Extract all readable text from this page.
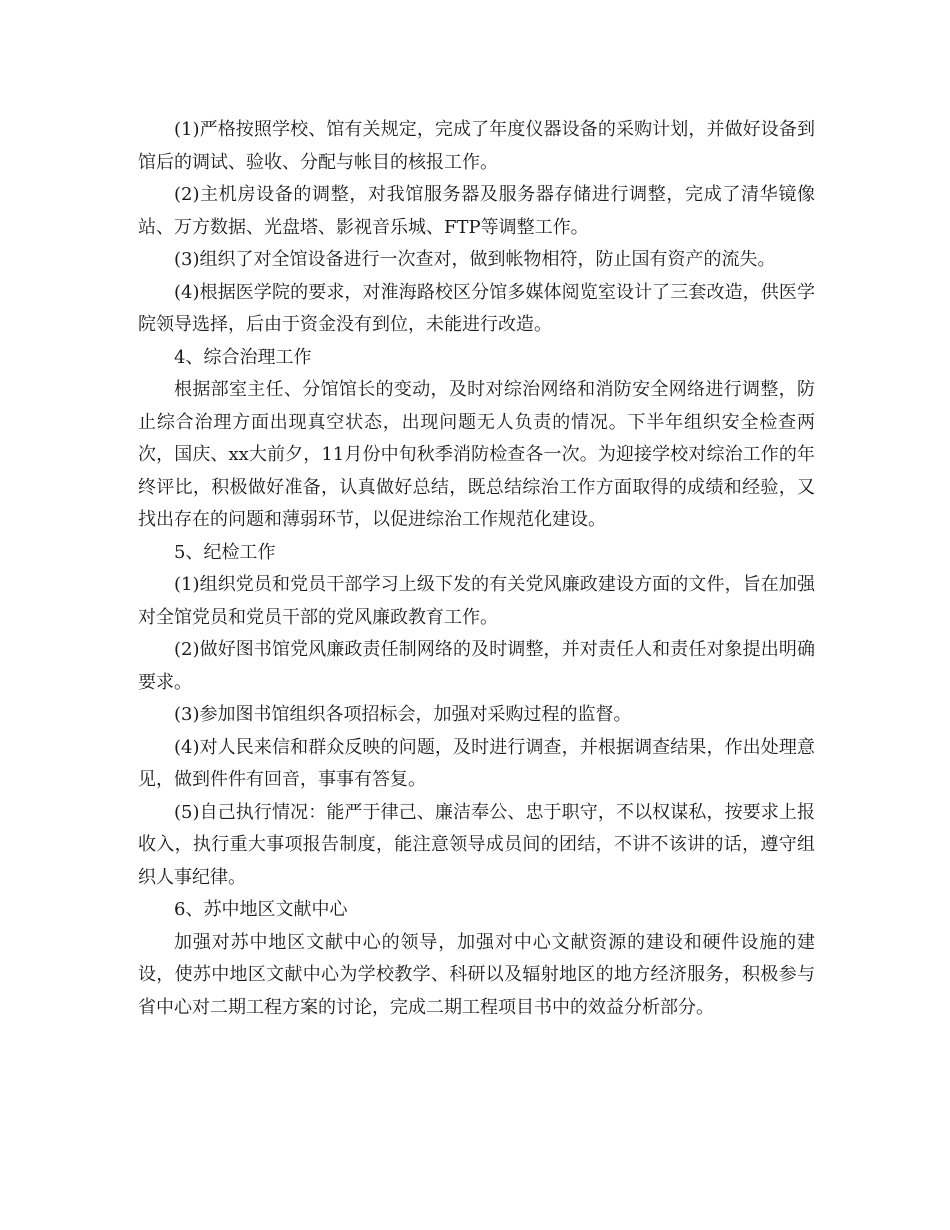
(1)严格按照学校、馆有关规定，完成了年度仪器设备的采购计划，并做好设备到馆后的调试、验收、分配与帐目的核报工作。

(2)主机房设备的调整，对我馆服务器及服务器存储进行调整，完成了清华镜像站、万方数据、光盘塔、影视音乐城、FTP等调整工作。

(3)组织了对全馆设备进行一次查对，做到帐物相符，防止国有资产的流失。

(4)根据医学院的要求，对淮海路校区分馆多媒体阅览室设计了三套改造，供医学院领导选择，后由于资金没有到位，未能进行改造。

4、综合治理工作

根据部室主任、分馆馆长的变动，及时对综治网络和消防安全网络进行调整，防止综合治理方面出现真空状态，出现问题无人负责的情况。下半年组织安全检查两次，国庆、xx大前夕，11月份中旬秋季消防检查各一次。为迎接学校对综治工作的年终评比，积极做好准备，认真做好总结，既总结综治工作方面取得的成绩和经验，又找出存在的问题和薄弱环节，以促进综治工作规范化建设。

5、纪检工作

(1)组织党员和党员干部学习上级下发的有关党风廉政建设方面的文件，旨在加强对全馆党员和党员干部的党风廉政教育工作。

(2)做好图书馆党风廉政责任制网络的及时调整，并对责任人和责任对象提出明确要求。

(3)参加图书馆组织各项招标会，加强对采购过程的监督。

(4)对人民来信和群众反映的问题，及时进行调查，并根据调查结果，作出处理意见，做到件件有回音，事事有答复。

(5)自己执行情况：能严于律己、廉洁奉公、忠于职守，不以权谋私，按要求上报收入，执行重大事项报告制度，能注意领导成员间的团结，不讲不该讲的话，遵守组织人事纪律。

6、苏中地区文献中心

加强对苏中地区文献中心的领导，加强对中心文献资源的建设和硬件设施的建设，使苏中地区文献中心为学校教学、科研以及辐射地区的地方经济服务，积极参与省中心对二期工程方案的讨论，完成二期工程项目书中的效益分析部分。
